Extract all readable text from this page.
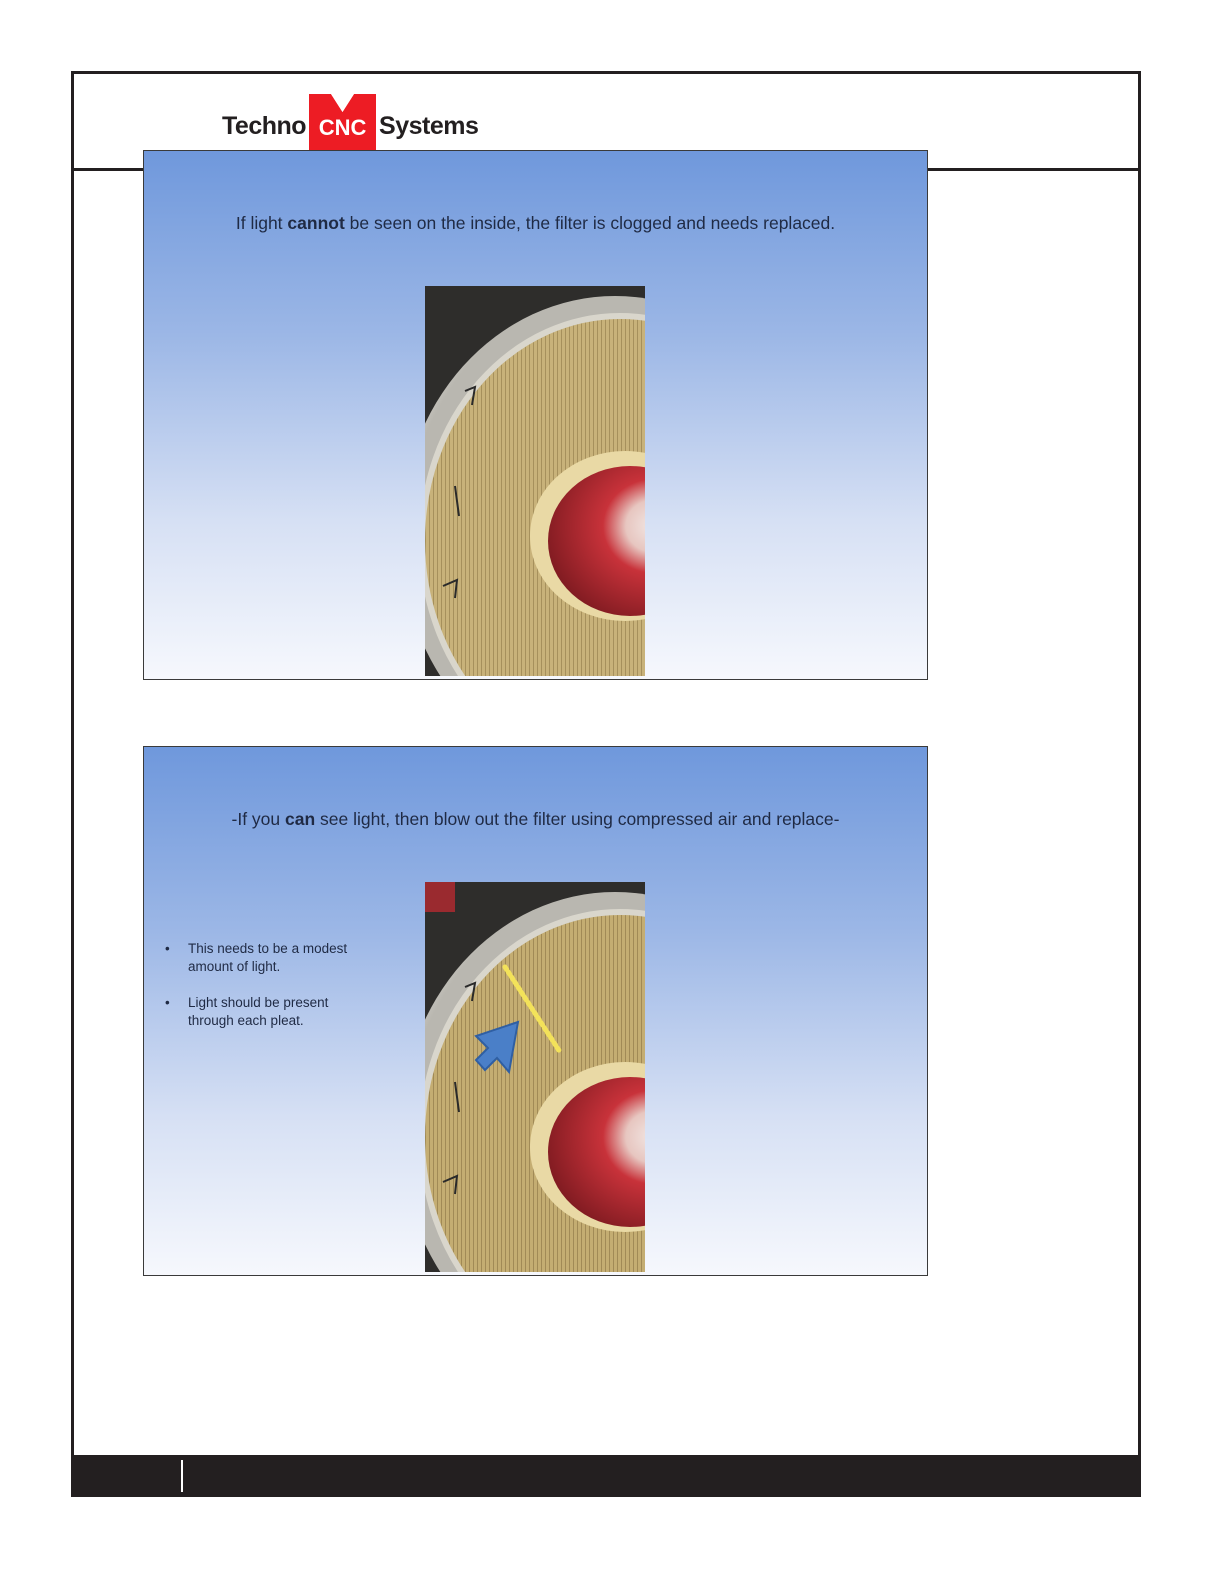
Techno CNC Systems
If light cannot be seen on the inside, the filter is clogged and needs replaced.
-If you can see light, then blow out the filter using compressed air and replace-
• This needs to be a modest amount of light.
• Light should be present through each pleat.
